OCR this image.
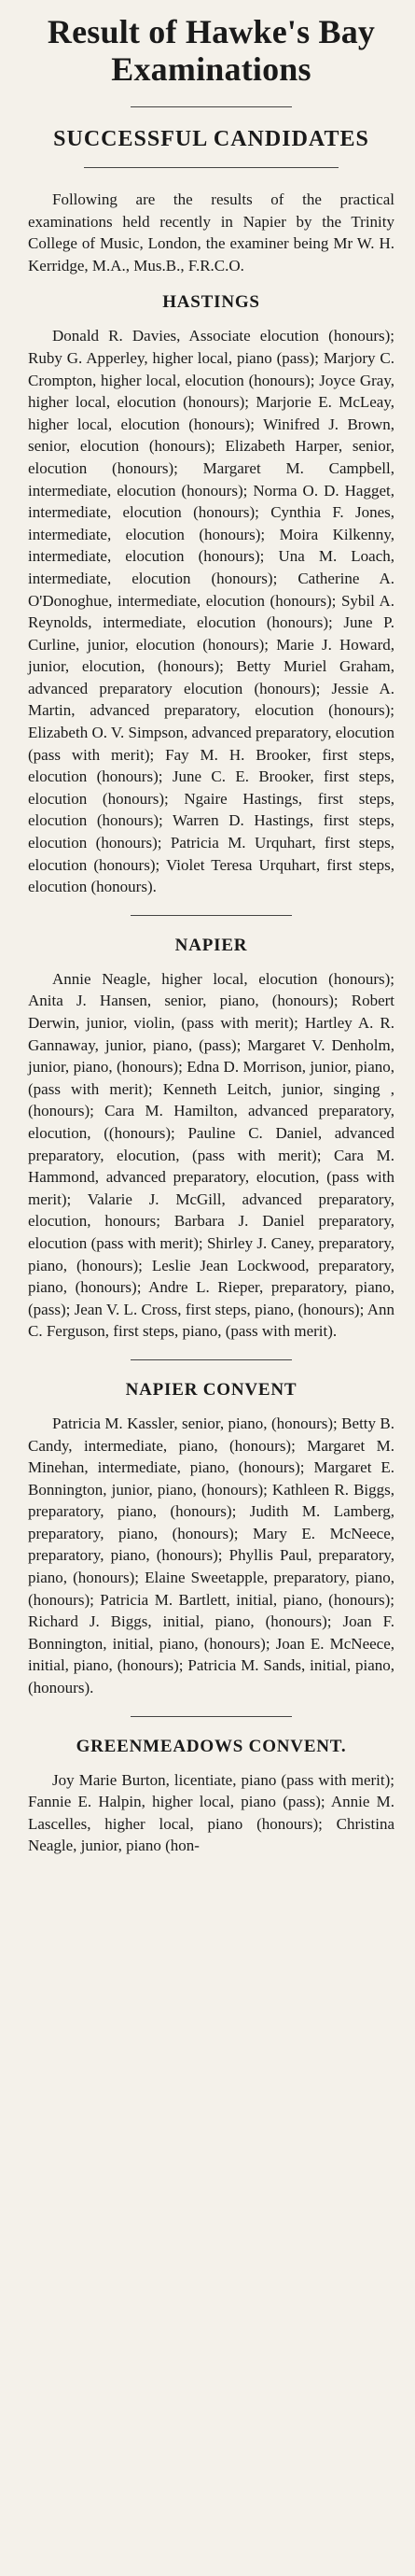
Result of Hawke's Bay Examinations
SUCCESSFUL CANDIDATES

Following are the results of the practical examinations held recently in Napier by the Trinity College of Music, London, the examiner being Mr W. H. Kerridge, M.A., Mus.B., F.R.C.O.

HASTINGS

Donald R. Davies, Associate elocution (honours); Ruby G. Apperley, higher local, piano (pass); Marjory C. Crompton, higher local, elocution (honours); Joyce Gray, higher local, elocution (honours); Marjorie E. McLeay, higher local, elocution (honours); Winifred J. Brown, senior, elocution (honours); Elizabeth Harper, senior, elocution (honours); Margaret M. Campbell, intermediate, elocution (honours); Norma O. D. Hagget, intermediate, elocution (honours); Cynthia F. Jones, intermediate, elocution (honours); Moira Kilkenny, intermediate, elocution (honours); Una M. Loach, intermediate, elocution (honours); Catherine A. O'Donoghue, intermediate, elocution (honours); Sybil A. Reynolds, intermediate, elocution (honours); June P. Curline, junior, elocution (honours); Marie J. Howard, junior, elocution, (honours); Betty Muriel Graham, advanced preparatory elocution (honours); Jessie A. Martin, advanced preparatory, elocution (honours); Elizabeth O. V. Simpson, advanced preparatory, elocution (pass with merit); Fay M. H. Brooker, first steps, elocution (honours); June C. E. Brooker, first steps, elocution (honours); Ngaire Hastings, first steps, elocution (honours); Warren D. Hastings, first steps, elocution (honours); Patricia M. Urquhart, first steps, elocution (honours); Violet Teresa Urquhart, first steps, elocution (honours).

NAPIER

Annie Neagle, higher local, elocution (honours); Anita J. Hansen, senior, piano, (honours); Robert Derwin, junior, violin, (pass with merit); Hartley A. R. Gannaway, junior, piano, (pass); Margaret V. Denholm, junior, piano, (honours); Edna D. Morrison, junior, piano, (pass with merit); Kenneth Leitch, junior, singing ,(honours); Cara M. Hamilton, advanced preparatory, elocution, ((honours); Pauline C. Daniel, advanced preparatory, elocution, (pass with merit); Cara M. Hammond, advanced preparatory, elocution, (pass with merit); Valarie J. McGill, advanced preparatory, elocution, honours; Barbara J. Daniel preparatory, elocution (pass with merit); Shirley J. Caney, preparatory, piano, (honours); Leslie Jean Lockwood, preparatory, piano, (honours); Andre L. Rieper, preparatory, piano, (pass); Jean V. L. Cross, first steps, piano, (honours); Ann C. Ferguson, first steps, piano, (pass with merit).

NAPIER CONVENT

Patricia M. Kassler, senior, piano, (honours); Betty B. Candy, intermediate, piano, (honours); Margaret M. Minehan, intermediate, piano, (honours); Margaret E. Bonnington, junior, piano, (honours); Kathleen R. Biggs, preparatory, piano, (honours); Judith M. Lamberg, preparatory, piano, (honours); Mary E. McNeece, preparatory, piano, (honours); Phyllis Paul, preparatory, piano, (honours); Elaine Sweetapple, preparatory, piano, (honours); Patricia M. Bartlett, initial, piano, (honours); Richard J. Biggs, initial, piano, (honours); Joan F. Bonnington, initial, piano, (honours); Joan E. McNeece, initial, piano, (honours); Patricia M. Sands, initial, piano, (honours).

GREENMEADOWS CONVENT.

Joy Marie Burton, licentiate, piano (pass with merit); Fannie E. Halpin, higher local, piano (pass); Annie M. Lascelles, higher local, piano (honours); Christina Neagle, junior, piano (hon-
